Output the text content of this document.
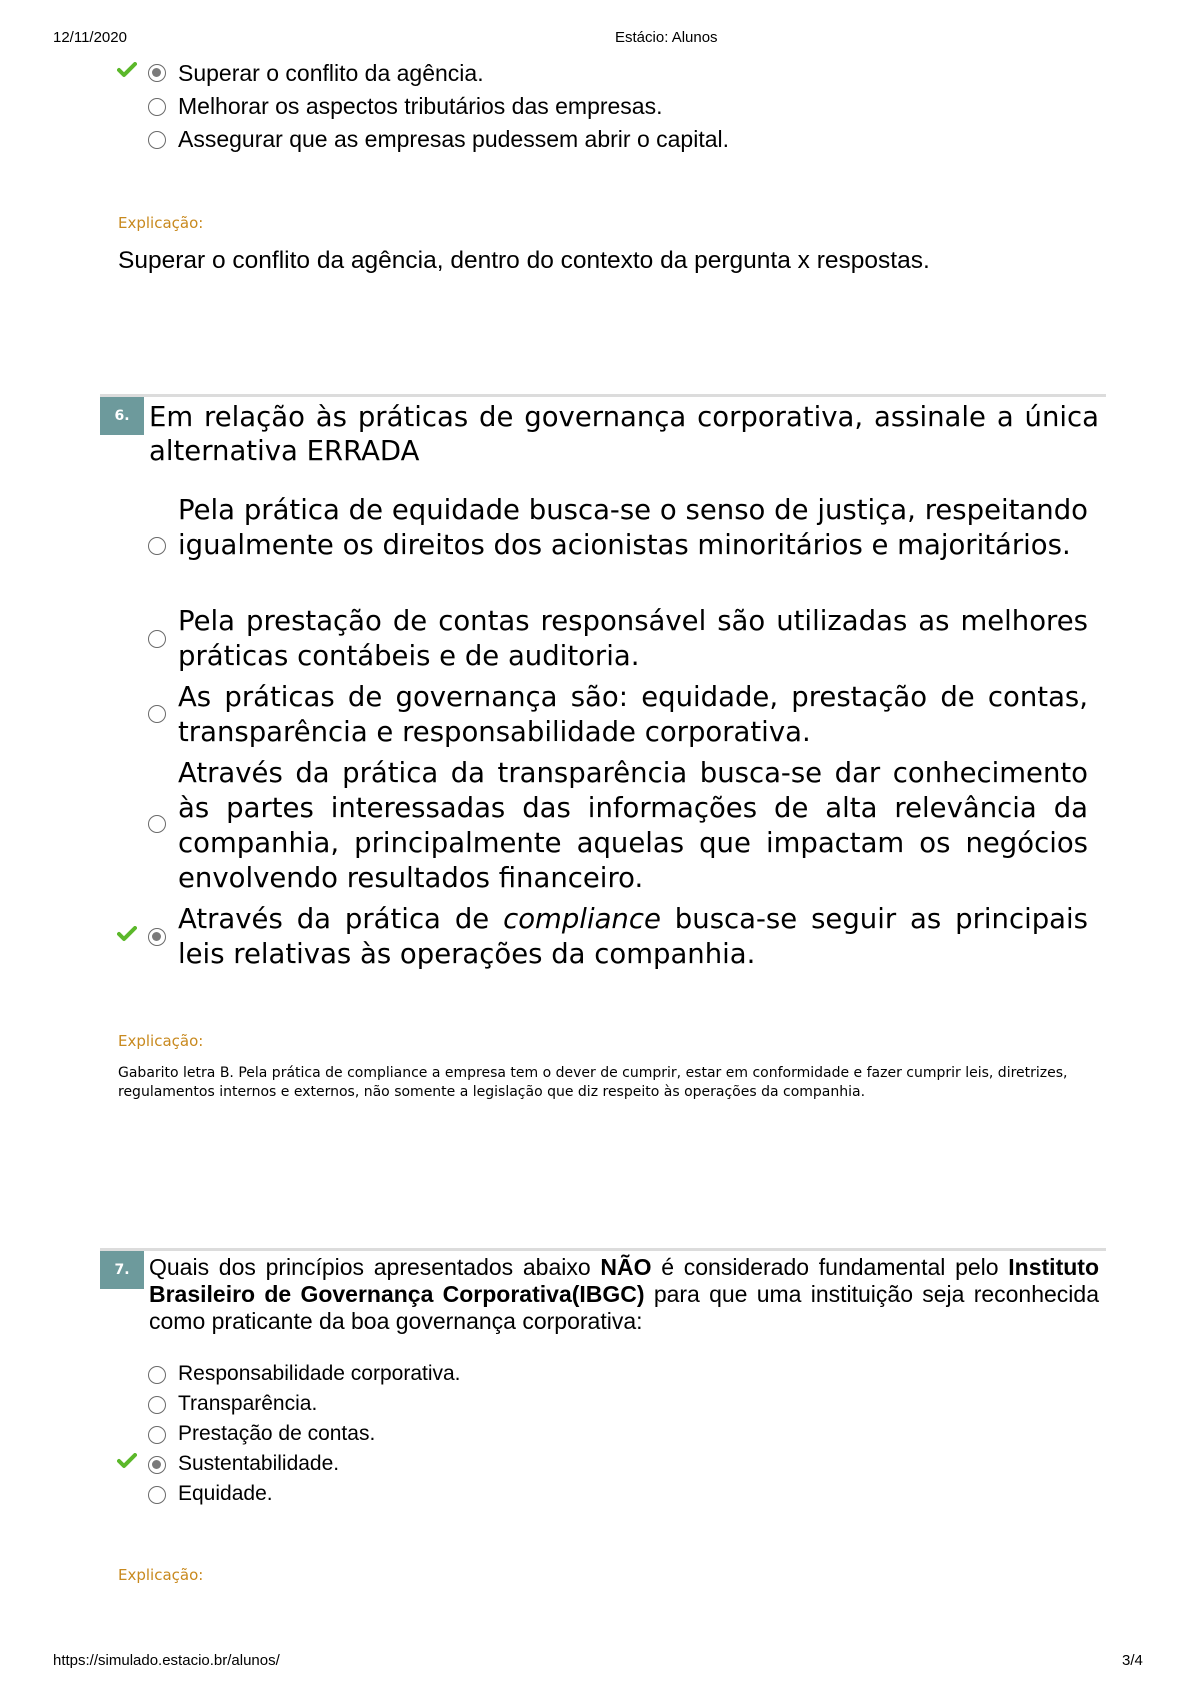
12/11/2020	Estácio: Alunos
Superar o conflito da agência.
Melhorar os aspectos tributários das empresas.
Assegurar que as empresas pudessem abrir o capital.
Explicação:
Superar o conflito da agência, dentro do contexto da pergunta x respostas.
6. Em relação às práticas de governança corporativa, assinale a única alternativa ERRADA
Pela prática de equidade busca-se o senso de justiça, respeitando igualmente os direitos dos acionistas minoritários e majoritários.
Pela prestação de contas responsável são utilizadas as melhores práticas contábeis e de auditoria.
As práticas de governança são: equidade, prestação de contas, transparência e responsabilidade corporativa.
Através da prática da transparência busca-se dar conhecimento às partes interessadas das informações de alta relevância da companhia, principalmente aquelas que impactam os negócios envolvendo resultados financeiro.
Através da prática de compliance busca-se seguir as principais leis relativas às operações da companhia.
Explicação:
Gabarito letra B. Pela prática de compliance a empresa tem o dever de cumprir, estar em conformidade e fazer cumprir leis, diretrizes, regulamentos internos e externos, não somente a legislação que diz respeito às operações da companhia.
7. Quais dos princípios apresentados abaixo NÃO é considerado fundamental pelo Instituto Brasileiro de Governança Corporativa(IBGC) para que uma instituição seja reconhecida como praticante da boa governança corporativa:
Responsabilidade corporativa.
Transparência.
Prestação de contas.
Sustentabilidade.
Equidade.
Explicação:
https://simulado.estacio.br/alunos/	3/4
